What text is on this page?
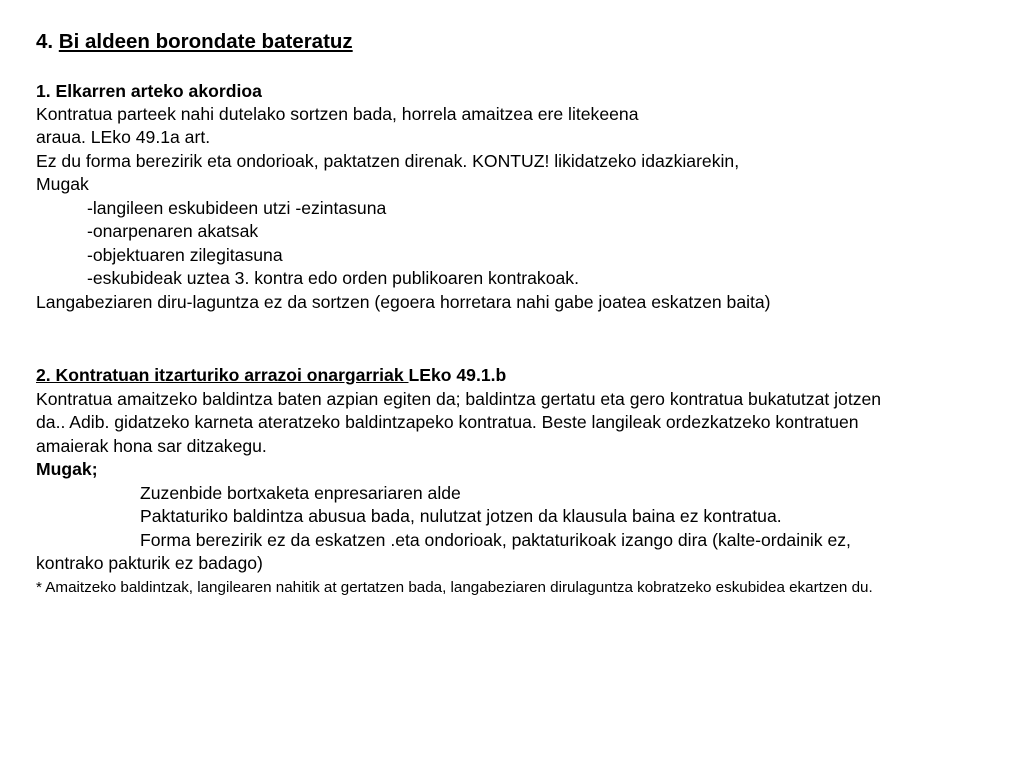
4. Bi aldeen borondate bateratuz
1. Elkarren arteko akordioa
Kontratua parteek nahi dutelako sortzen bada, horrela amaitzea ere litekeena
araua. LEko 49.1a art.
Ez du forma berezirik eta ondorioak, paktatzen direnak. KONTUZ! likidatzeko idazkiarekin,
Mugak
-langileen eskubideen utzi -ezintasuna
-onarpenaren akatsak
-objektuaren zilegitasuna
-eskubideak uztea 3. kontra edo orden publikoaren kontrakoak.
Langabeziaren diru-laguntza ez da sortzen (egoera horretara nahi gabe joatea eskatzen baita)
2. Kontratuan itzarturiko arrazoi onargarriak LEko 49.1.b
Kontratua amaitzeko baldintza baten azpian egiten da; baldintza gertatu eta gero kontratua bukatutzat jotzen
da.. Adib. gidatzeko karneta ateratzeko baldintzapeko kontratua. Beste langileak ordezkatzeko kontratuen
amaierak hona sar ditzakegu.
Mugak;
Zuzenbide bortxaketa enpresariaren alde
Paktaturiko baldintza abusua bada, nulutzat jotzen da klausula baina ez kontratua.
Forma berezirik ez da eskatzen .eta ondorioak, paktaturikoak izango dira (kalte-ordainik ez,
kontrako pakturik ez badago)
* Amaitzeko baldintzak, langilearen nahitik at gertatzen bada, langabeziaren dirulaguntza kobratzeko eskubidea ekartzen du.
